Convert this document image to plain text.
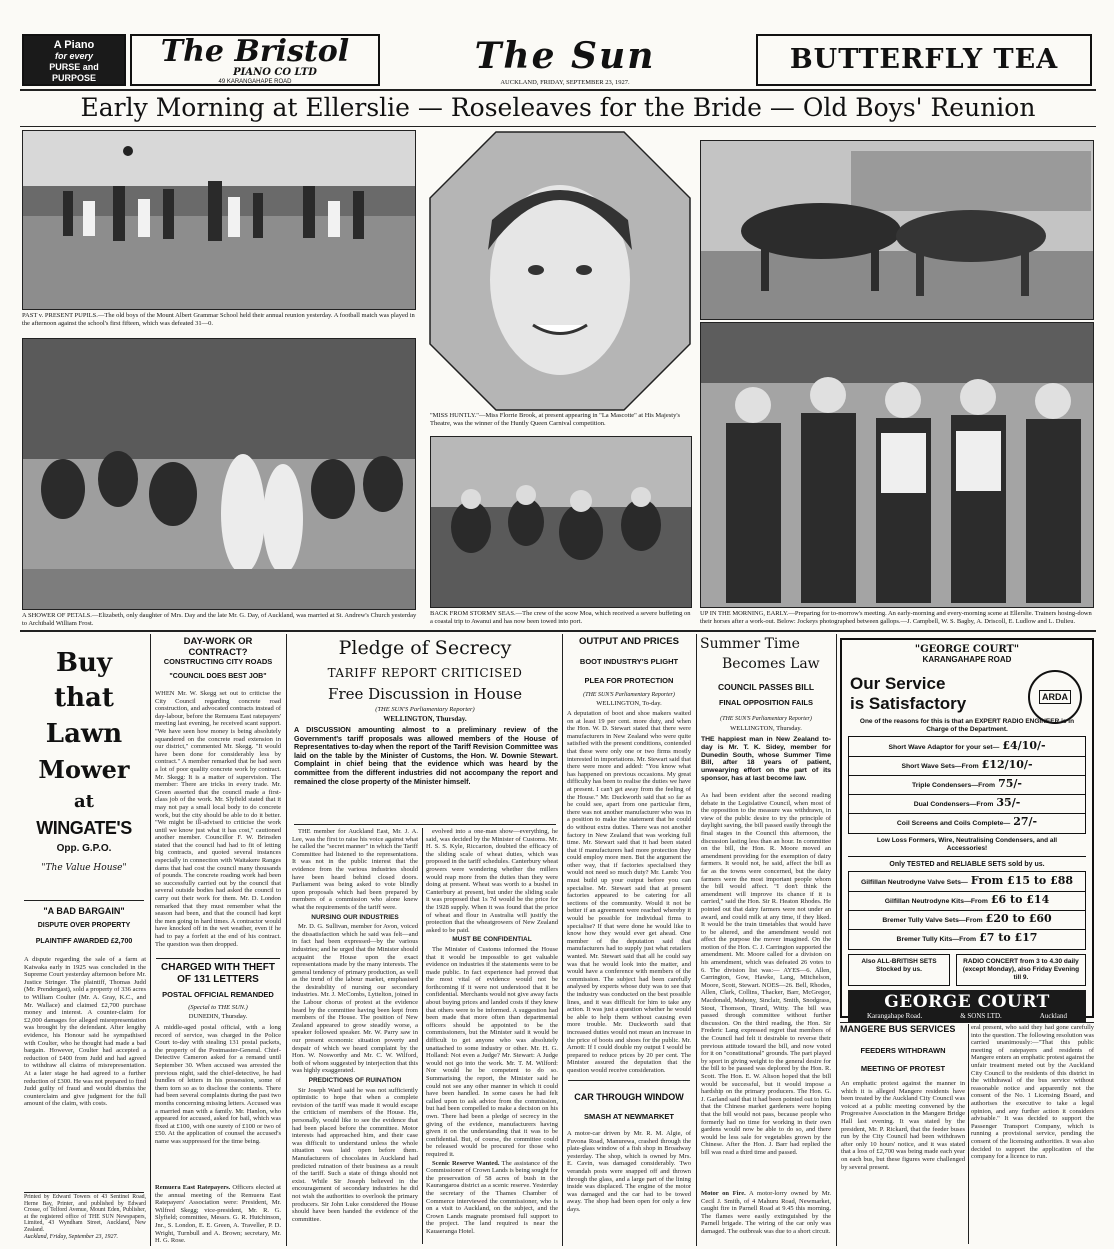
A Piano
for every
PURSE and
PURPOSE
The Bristol
PIANO CO LTD
49 KARANGAHAPE ROAD
The Sun
AUCKLAND, FRIDAY, SEPTEMBER 23, 1927.
BUTTERFLY TEA
Early Morning at Ellerslie — Roseleaves for the Bride — Old Boys' Reunion
PAST v. PRESENT PUPILS.—The old boys of the Mount Albert Grammar School held their annual reunion yesterday. A football match was played in the afternoon against the school's first fifteen, which was defeated 31—0.
A SHOWER OF PETALS.—Elizabeth, only daughter of Mrs. Day and the late Mr. G. Day, of Auckland, was married at St. Andrew's Church yesterday to Archibald William Frost.
"MISS HUNTLY."—Miss Florrie Brook, at present appearing in "La Mascotte" at His Majesty's Theatre, was the winner of the Huntly Queen Carnival competition.
BACK FROM STORMY SEAS.—The crew of the scow Moa, which received a severe buffeting on a coastal trip to Awanui and has now been towed into port.
UP IN THE MORNING, EARLY.—Preparing for to-morrow's meeting. An early-morning and every-morning scene at Ellerslie. Trainers hosing-down their horses after a work-out. Below: Jockeys photographed between gallops.—J. Campbell, W. S. Bagby, A. Driscoll, E. Ludlow and L. Dulieu.
Buy
that
Lawn
Mower
at
WINGATE'S
Opp. G.P.O.
"The Value House"
"A BAD BARGAIN"
DISPUTE OVER PROPERTY
PLAINTIFF AWARDED £2,700
A dispute regarding the sale of a farm at Kaiwaka early in 1925 was concluded in the Supreme Court yesterday afternoon before Mr. Justice Stringer. The plaintiff, Thomas Judd (Mr. Prendergast), sold a property of 336 acres to William Coulter (Mr. A. Gray, K.C., and Mr. Wallace) and claimed £2,700 purchase money and interest. A counter-claim for £2,000 damages for alleged misrepresentation was brought by the defendant. After lengthy evidence, his Honour said he sympathised with Coulter, who he thought had made a bad bargain. However, Coulter had accepted a reduction of £400 from Judd and had agreed to withdraw all claims of misrepresentation. At a later stage he had agreed to a further reduction of £300. He was not prepared to find Judd guilty of fraud and would dismiss the counterclaim and give judgment for the full amount of the claim, with costs.
Printed by Edward Towers of 43 Sentinel Road, Herne Bay, Printer, and published by Edward Crosse, of Telford Avenue, Mount Eden, Publisher, at the registered office of THE SUN Newspapers, Limited, 43 Wyndham Street, Auckland, New Zealand.
Auckland, Friday, September 23, 1927.
DAY-WORK OR CONTRACT?
CONSTRUCTING CITY ROADS
"COUNCIL DOES BEST JOB"
WHEN Mr. W. Skegg set out to criticise the City Council regarding concrete road construction, and advocated contracts instead of day-labour, before the Remuera East ratepayers' meeting last evening, he received scant support. "We have seen how money is being absolutely squandered on the concrete road extension in our district," commented Mr. Skegg. "It would have been done for considerably less by contract." A member remarked that he had seen a lot of poor quality concrete work by contract. Mr. Skegg: It is a matter of supervision. The member: There are tricks in every trade. Mr. Green asserted that the council made a first-class job of the work. Mr. Slyfield stated that it may not pay a small local body to do concrete work, but the city should be able to do it better. "We might be ill-advised to criticise the work until we know just what it has cost," cautioned another member. Councillor F. W. Brinsden stated that the council had had to fit of letting big contracts, and quoted several instances especially in connection with Waitakere Ranges dams that had cost the council many thousands of pounds. The concrete roading work had been so successfully carried out by the council that several outside bodies had asked the council to carry out their work for them. Mr. D. London remarked that they must remember what the season had been, and that the council had kept the men going in hard times. A contractor would have knocked off in the wet weather, even if he had to pay a forfeit at the end of his contract. The question was then dropped.
CHARGED WITH THEFT OF 131 LETTERS
POSTAL OFFICIAL REMANDED
(Special to THE SUN.)
DUNEDIN, Thursday.
A middle-aged postal official, with a long record of service, was charged in the Police Court to-day with stealing 131 postal packets, the property of the Postmaster-General. Chief-Detective Cameron asked for a remand until September 30. When accused was arrested the previous night, said the chief-detective, he had bundles of letters in his possession, some of them torn so as to disclose the contents. There had been several complaints during the past two months concerning missing letters. Accused was a married man with a family. Mr. Hanlon, who appeared for accused, asked for bail, which was fixed at £100, with one surety of £100 or two of £50. At the application of counsel the accused's name was suppressed for the time being.
Remuera East Ratepayers. Officers elected at the annual meeting of the Remuera East Ratepayers' Association were: President, Mr. Wilfred Skegg; vice-president, Mr. R. G. Slyfield; committee, Messrs. G. R. Hutchinson, Jnr., S. London, E. E. Green, A. Traveller, P. D. Wright, Turnbull and A. Brown; secretary, Mr. H. G. Rose.
Pledge of Secrecy
TARIFF REPORT CRITICISED
Free Discussion in House
(THE SUN'S Parliamentary Reporter)
WELLINGTON, Thursday.
A DISCUSSION amounting almost to a preliminary review of the Government's tariff proposals was allowed members of the House of Representatives to-day when the report of the Tariff Revision Committee was laid on the table by the Minister of Customs, the Hon. W. Downie Stewart. Complaint in chief being that the evidence which was heard by the committee from the different industries did not accompany the report and remained the close property of the Minister himself.

THE member for Auckland East, Mr. J. A. Lee, was the first to raise his voice against what he called the "secret manner" in which the Tariff Committee had listened to the representations. It was not in the public interest that the evidence from the various industries should have been heard behind closed doors. Parliament was being asked to vote blindly upon proposals which had been prepared by members of a commission who alone knew what the requirements of the tariff were.

NURSING OUR INDUSTRIES

Mr. D. G. Sullivan, member for Avon, voiced the dissatisfaction which he said was felt—and in fact had been expressed—by the various industries; and he urged that the Minister should acquaint the House upon the exact representations made by the many interests. The general tendency of primary production, as well as the trend of the labour market, emphasised the desirability of nursing our secondary industries. Mr. J. McCombs, Lyttelton, joined in the Labour chorus of protest at the evidence heard by the committee having been kept from members of the House. The position of New Zealand appeared to grow steadily worse, a speaker followed speaker. Mr. W. Parry saw in our present economic situation poverty and despair of which we heard complaint by the Hon. W. Nosworthy and Mr. C. W. Wilford, both of whom suggested by interjection that this was highly exaggerated.

PREDICTIONS OF RUINATION

Sir Joseph Ward said he was not sufficiently optimistic to hope that when a complete revision of the tariff was made it would escape the criticism of members of the House. He, personally, would like to see the evidence that had been placed before the committee. Motor interests had approached him, and their case was difficult to understand unless the whole situation was laid open before them. Manufacturers of chocolates in Auckland had predicted ruination of their business as a result of the tariff. Such a state of things should not exist. While Sir Joseph believed in the encouragement of secondary industries he did not wish the authorities to overlook the primary producers. Sir John Luke considered the House should have been handed the evidence of the committee.

evolved into a one-man show—everything, he said, was decided by the Minister of Customs. Mr. H. S. S. Kyle, Riccarton, doubted the efficacy of the sliding scale of wheat duties, which was proposed in the tariff schedules. Canterbury wheat growers were wondering whether the millers would reap more from the duties than they were doing at present. Wheat was worth to a bushel in Canterbury at present, but under the sliding scale it was proposed that 1s 7d would be the price for the 1928 supply. When it was found that the price of wheat and flour in Australia will justify the protection that the wheatgrowers of New Zealand asked to be paid.

MUST BE CONFIDENTIAL

The Minister of Customs informed the House that it would be impossible to get valuable evidence on industries if the statements were to be made public. In fact experience had proved that the most vital of evidence would not be forthcoming if it were not understood that it be confidential. Merchants would not give away facts about buying prices and landed costs if they knew that others were to be informed. A suggestion had been made that more often than departmental officers should be appointed to be the commissioners, but the Minister said it would be difficult to get anyone who was absolutely unattached to some industry or other. Mr. H. G. Holland: Not even a Judge? Mr. Stewart: A Judge would not go into the work. Mr. T. M. Wilford: Nor would he be competent to do so. Summarising the report, the Minister said he could not see any other manner in which it could have been handled. In some cases he had felt called upon to ask advice from the commission, but had been compelled to make a decision on his own. There had been a pledge of secrecy in the giving of the evidence, manufacturers having given it on the understanding that it was to be confidential. But, of course, the committee could be released would be procured for those who required it.

Scenic Reserve Wanted. The assistance of the Commissioner of Crown Lands is being sought for the preservation of 58 acres of bush in the Kaurangaroa district as a scenic reserve. Yesterday the secretary of the Thames Chamber of Commerce interviewed the commissioner, who is on a visit to Auckland, on the subject, and the Crown Lands magnate promised full support to the project. The land required is near the Kauaeranga Hotel.

OUTPUT AND PRICES
BOOT INDUSTRY'S PLIGHT
PLEA FOR PROTECTION
(THE SUN'S Parliamentary Reporter)
WELLINGTON, To-day.
A deputation of boot and shoe makers waited on at least 19 per cent. more duty, and when the Hon. W. D. Stewart stated that there were manufacturers in New Zealand who were quite satisfied with the present conditions, contended that these were only one or two firms mostly interested in importations. Mr. Stewart said that there were more and added: "You know what has happened on previous occasions. My great difficulty has been to realise the duties we have at present. I can't get away from the feeling of the House." Mr. Duckworth said that so far as he could see, apart from one particular firm, there was not another manufacturer who was in a position to make the statement that he could do without extra duties. There was not another factory in New Zealand that was working full time. Mr. Stewart said that it had been stated that if manufacturers had more protection they could employ more men. But the argument the other way, that if factories specialised they would not need so much duty? Mr. Lamb: You must build up your output before you can specialise. Mr. Stewart said that at present factories appeared to be catering for all sections of the community. Would it not be better if an agreement were reached whereby it would be possible for individual firms to specialise? If that were done he would like to know how they would ever get ahead. One member of the deputation said that manufacturers had to supply just what retailers wanted. Mr. Stewart said that all he could say was that he would look into the matter, and would have a conference with members of the commission. The subject had been carefully analysed by experts whose duty was to see that the industry was conducted on the best possible lines, and it was difficult for him to take any action. It was just a question whether he would be able to help them without causing even more trouble. Mr. Duckworth said that increased duties would not mean an increase in the price of boots and shoes for the public. Mr. Arnott: If I could double my output I would be prepared to reduce prices by 20 per cent. The Minister assured the deputation that the question would receive consideration.
CAR THROUGH WINDOW
SMASH AT NEWMARKET
A motor-car driven by Mr. R. M. Algie, of Fuvona Road, Manurewa, crashed through the plate-glass window of a fish shop in Broadway yesterday. The shop, which is owned by Mrs. E. Cavin, was damaged considerably. Two verandah posts were snapped off and thrown through the glass, and a large part of the lining inside was displaced. The engine of the motor was damaged and the car had to be towed away. The shop had been open for only a few days.
Summer Time
Becomes Law
COUNCIL PASSES BILL
FINAL OPPOSITION FAILS
(THE SUN'S Parliamentary Reporter)
WELLINGTON, Thursday.
THE happiest man in New Zealand to-day is Mr. T. K. Sidey, member for Dunedin South, whose Summer Time Bill, after 18 years of patient, unwearying effort on the part of its sponsor, has at last become law.
As had been evident after the second reading debate in the Legislative Council, when most of the opposition to the measure was withdrawn, in view of the public desire to try the principle of daylight saving, the bill passed easily through the final stages in the Council this afternoon, the discussion lasting less than an hour. In committee on the bill, the Hon. R. Moore moved an amendment providing for the exemption of dairy farmers. It would not, he said, affect the bill as far as the towns were concerned, but the dairy farmers were the most important people whom the bill would affect. "I don't think the amendment will improve its chance if it is carried," said the Hon. Sir R. Heaton Rhodes. He pointed out that dairy farmers were not under an award, and could milk at any time, if they liked. It would be the train timetables that would have to be altered, and the amendment would not affect the purpose the mover imagined. On the motion of the Hon. C. J. Carrington supported the amendment. Mr. Moore called for a division on his amendment, which was defeated 26 votes to 6. The division list was:— AYES—6. Allen, Carrington, Gow, Hawke, Lang, Mitchelson, Moore, Scott, Stewart. NOES—26. Bell, Rhodes, Allen, Clark, Collins, Thacker, Barr, McGregor, Macdonald, Mahony, Sinclair, Smith, Snodgrass, Stout, Thomson, Tirard, Witty. The bill was passed through committee without further discussion. On the third reading, the Hon. Sir Frederic Lang expressed regret that members of the Council had felt it desirable to reverse their previous attitude toward the bill, and now voted for it on "constitutional" grounds. The part played by sport in giving weight to the general desire for the bill to be passed was deplored by the Hon. R. Scott. The Hon. E. W. Alison hoped that the bill would be successful, but it would impose a hardship on the primary producers. The Hon. G. J. Garland said that it had been pointed out to him that the Chinese market gardeners were hoping that the bill would not pass, because people who formerly had no time for working in their own gardens would now be able to do so, and there would be less sale for vegetables grown by the Chinese. After the Hon. J. Barr had replied the bill was read a third time and passed.
Motor on Fire. A motor-lorry owned by Mr. Cecil J. Smith, of 4 Mahuru Road, Newmarket, caught fire in Parnell Road at 9.45 this morning. The flames were easily extinguished by the Parnell brigade. The wiring of the car only was damaged. The outbreak was due to a short circuit.
"GEORGE COURT"
KARANGAHAPE ROAD
ARDA
Our Service
is Satisfactory
One of the reasons for this is that an EXPERT RADIO ENGINEER is in Charge of the Department.
Short Wave Adaptor for your set— £4/10/-
Short Wave Sets—From £12/10/-
Triple Condensers—From 75/-
Dual Condensers—From 35/-
Coil Screens and Coils Complete— 27/-
Low Loss Formers, Wire, Neutralising Condensers, and all Accessories!
Only TESTED and RELIABLE SETS sold by us.
Gilfillan Neutrodyne Valve Sets— From £15 to £88
Gilfillan Neutrodyne Kits—From £6 to £14
Bremer Tully Valve Sets—From £20 to £60
Bremer Tully Kits—From £7 to £17
Also ALL-BRITISH SETS Stocked by us.
RADIO CONCERT from 3 to 4.30 daily (except Monday), also Friday Evening till 9.
GEORGE COURT
Karangahape Road.	& SONS LTD.	Auckland
MANGERE BUS SERVICES
FEEDERS WITHDRAWN
MEETING OF PROTEST
An emphatic protest against the manner in which it is alleged Mangere residents have been treated by the Auckland City Council was voiced at a public meeting convened by the Progressive Association in the Mangere Bridge Hall last evening. It was stated by the president, Mr. P. Rickard, that the feeder buses run by the City Council had been withdrawn after only 10 hours' notice, and it was stated that a loss of £2,700 was being made each year on each bus, but these figures were challenged by several present.
eral present, who said they had gone carefully into the question. The following resolution was carried unanimously:—"That this public meeting of ratepayers and residents of Mangere enters an emphatic protest against the unfair treatment meted out by the Auckland City Council to the residents of this district in the withdrawal of the bus service without reasonable notice and apparently not the consent of the No. 1 Licensing Board, and authorises the executive to take a legal opinion, and any further action it considers advisable." It was decided to support the Passenger Transport Company, which is running a provisional service, pending the consent of the licensing authorities. It was also decided to support the application of the company for a licence to run.
